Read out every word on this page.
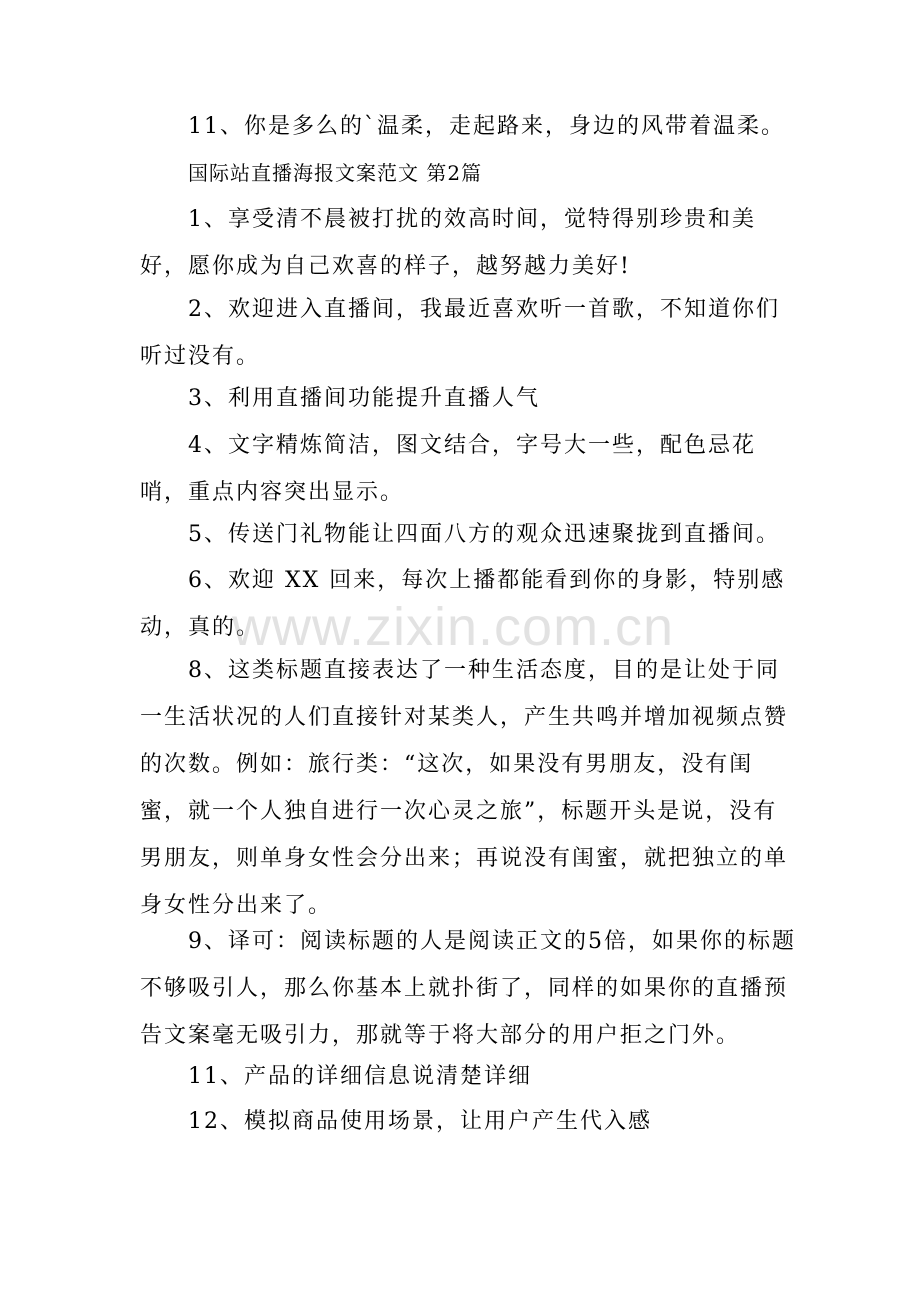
11、你是多么的`温柔，走起路来，身边的风带着温柔。

国际站直播海报文案范文 第2篇

1、享受清不晨被打扰的效高时间，觉特得别珍贵和美好，愿你成为自己欢喜的样子，越努越力美好!

2、欢迎进入直播间，我最近喜欢听一首歌，不知道你们听过没有。

3、利用直播间功能提升直播人气

4、文字精炼简洁，图文结合，字号大一些，配色忌花哨，重点内容突出显示。

5、传送门礼物能让四面八方的观众迅速聚拢到直播间。

6、欢迎 XX 回来，每次上播都能看到你的身影，特别感动，真的。

8、这类标题直接表达了一种生活态度，目的是让处于同一生活状况的人们直接针对某类人，产生共鸣并增加视频点赞的次数。例如：旅行类：“这次，如果没有男朋友，没有闺蜜，就一个人独自进行一次心灵之旅”，标题开头是说，没有男朋友，则单身女性会分出来；再说没有闺蜜，就把独立的单身女性分出来了。

9、译可：阅读标题的人是阅读正文的5倍，如果你的标题不够吸引人，那么你基本上就扑街了，同样的如果你的直播预告文案毫无吸引力，那就等于将大部分的用户拒之门外。

11、产品的详细信息说清楚详细

12、模拟商品使用场景，让用户产生代入感

www.zixin.com.cn
